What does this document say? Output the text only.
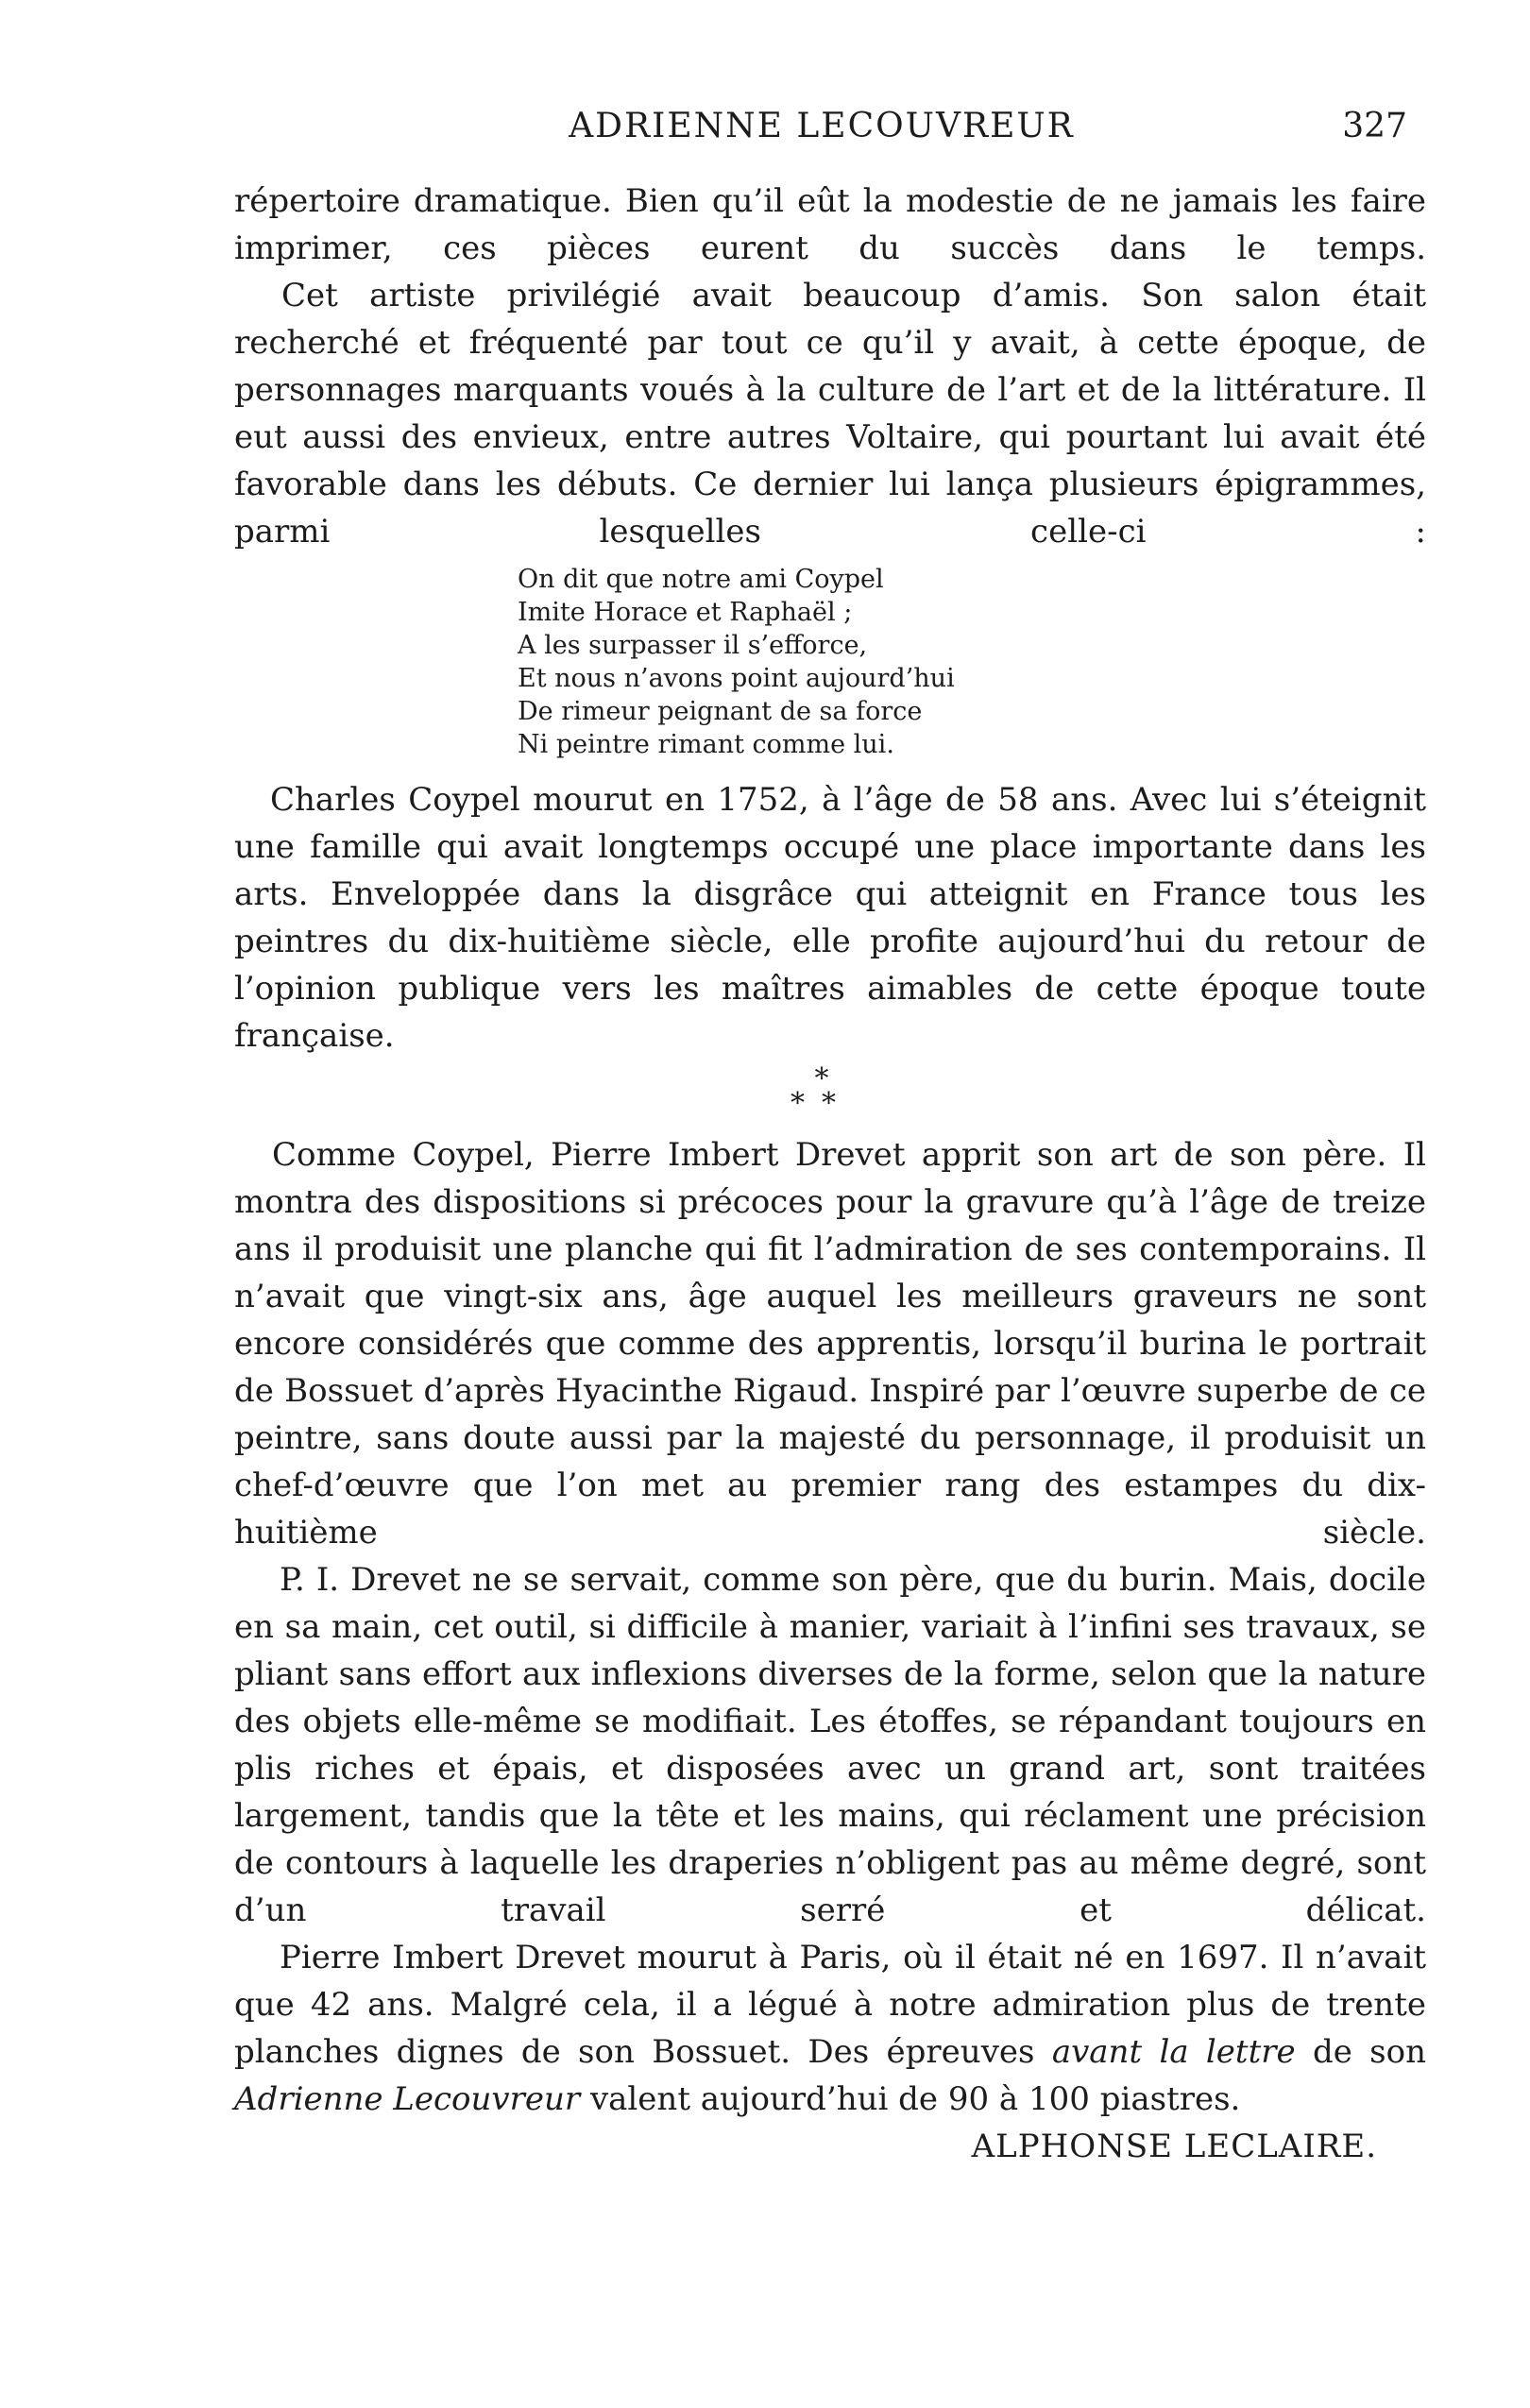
ADRIENNE LECOUVREUR	327
répertoire dramatique. Bien qu’il eût la modestie de ne jamais les faire imprimer, ces pièces eurent du succès dans le temps.
Cet artiste privilégié avait beaucoup d’amis. Son salon était recherché et fréquenté par tout ce qu’il y avait, à cette époque, de personnages marquants voués à la culture de l’art et de la littérature. Il eut aussi des envieux, entre autres Voltaire, qui pourtant lui avait été favorable dans les débuts. Ce dernier lui lança plusieurs épigrammes, parmi lesquelles celle-ci :
On dit que notre ami Coypel
Imite Horace et Raphaël ;
A les surpasser il s’efforce,
Et nous n’avons point aujourd’hui
De rimeur peignant de sa force
Ni peintre rimant comme lui.
Charles Coypel mourut en 1752, à l’âge de 58 ans. Avec lui s’éteignit une famille qui avait longtemps occupé une place importante dans les arts. Enveloppée dans la disgrâce qui atteignit en France tous les peintres du dix-huitième siècle, elle profite aujourd’hui du retour de l’opinion publique vers les maîtres aimables de cette époque toute française.
*
**
Comme Coypel, Pierre Imbert Drevet apprit son art de son père. Il montra des dispositions si précoces pour la gravure qu’à l’âge de treize ans il produisit une planche qui fit l’admiration de ses contemporains. Il n’avait que vingt-six ans, âge auquel les meilleurs graveurs ne sont encore considérés que comme des apprentis, lorsqu’il burina le portrait de Bossuet d’après Hyacinthe Rigaud. Inspiré par l’œuvre superbe de ce peintre, sans doute aussi par la majesté du personnage, il produisit un chef-d’œuvre que l’on met au premier rang des estampes du dix-huitième siècle.
P. I. Drevet ne se servait, comme son père, que du burin. Mais, docile en sa main, cet outil, si difficile à manier, variait à l’infini ses travaux, se pliant sans effort aux inflexions diverses de la forme, selon que la nature des objets elle-même se modifiait. Les étoffes, se répandant toujours en plis riches et épais, et disposées avec un grand art, sont traitées largement, tandis que la tête et les mains, qui réclament une précision de contours à laquelle les draperies n’obligent pas au même degré, sont d’un travail serré et délicat.
Pierre Imbert Drevet mourut à Paris, où il était né en 1697. Il n’avait que 42 ans. Malgré cela, il a légué à notre admiration plus de trente planches dignes de son Bossuet. Des épreuves avant la lettre de son Adrienne Lecouvreur valent aujourd’hui de 90 à 100 piastres.
ALPHONSE LECLAIRE.
